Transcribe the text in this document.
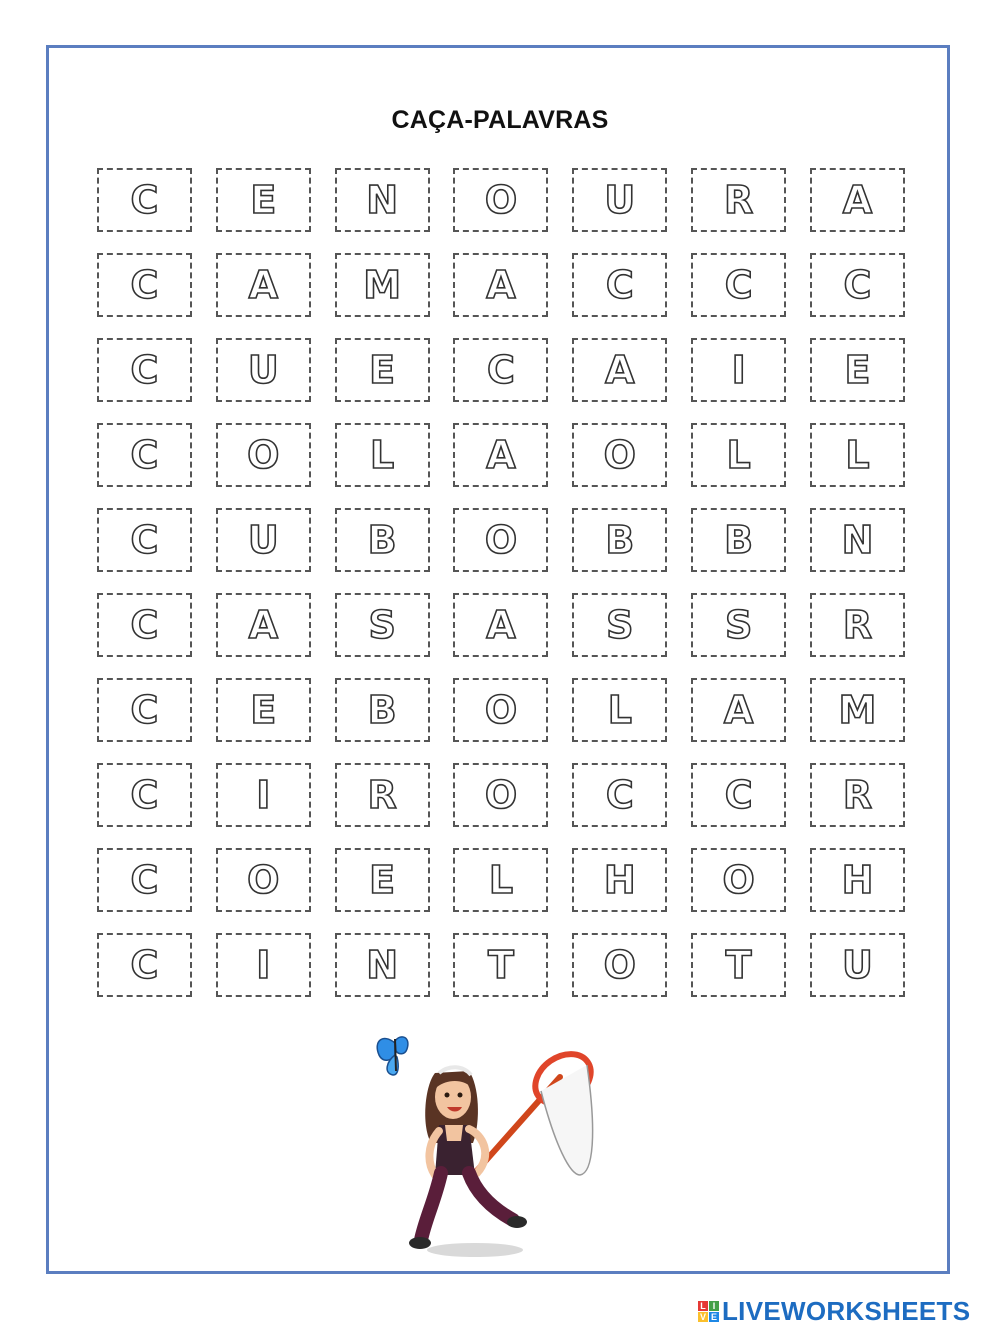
CAÇA-PALAVRAS
C	E	N	O	U	R	A
C	A	M	A	C	C	C
C	U	E	C	A	I	E
C	O	L	A	O	L	L
C	U	B	O	B	B	N
C	A	S	A	S	S	R
C	E	B	O	L	A	M
C	I	R	O	C	C	R
C	O	E	L	H	O	H
C	I	N	T	O	T	U
L I
V E LIVEWORKSHEETS
